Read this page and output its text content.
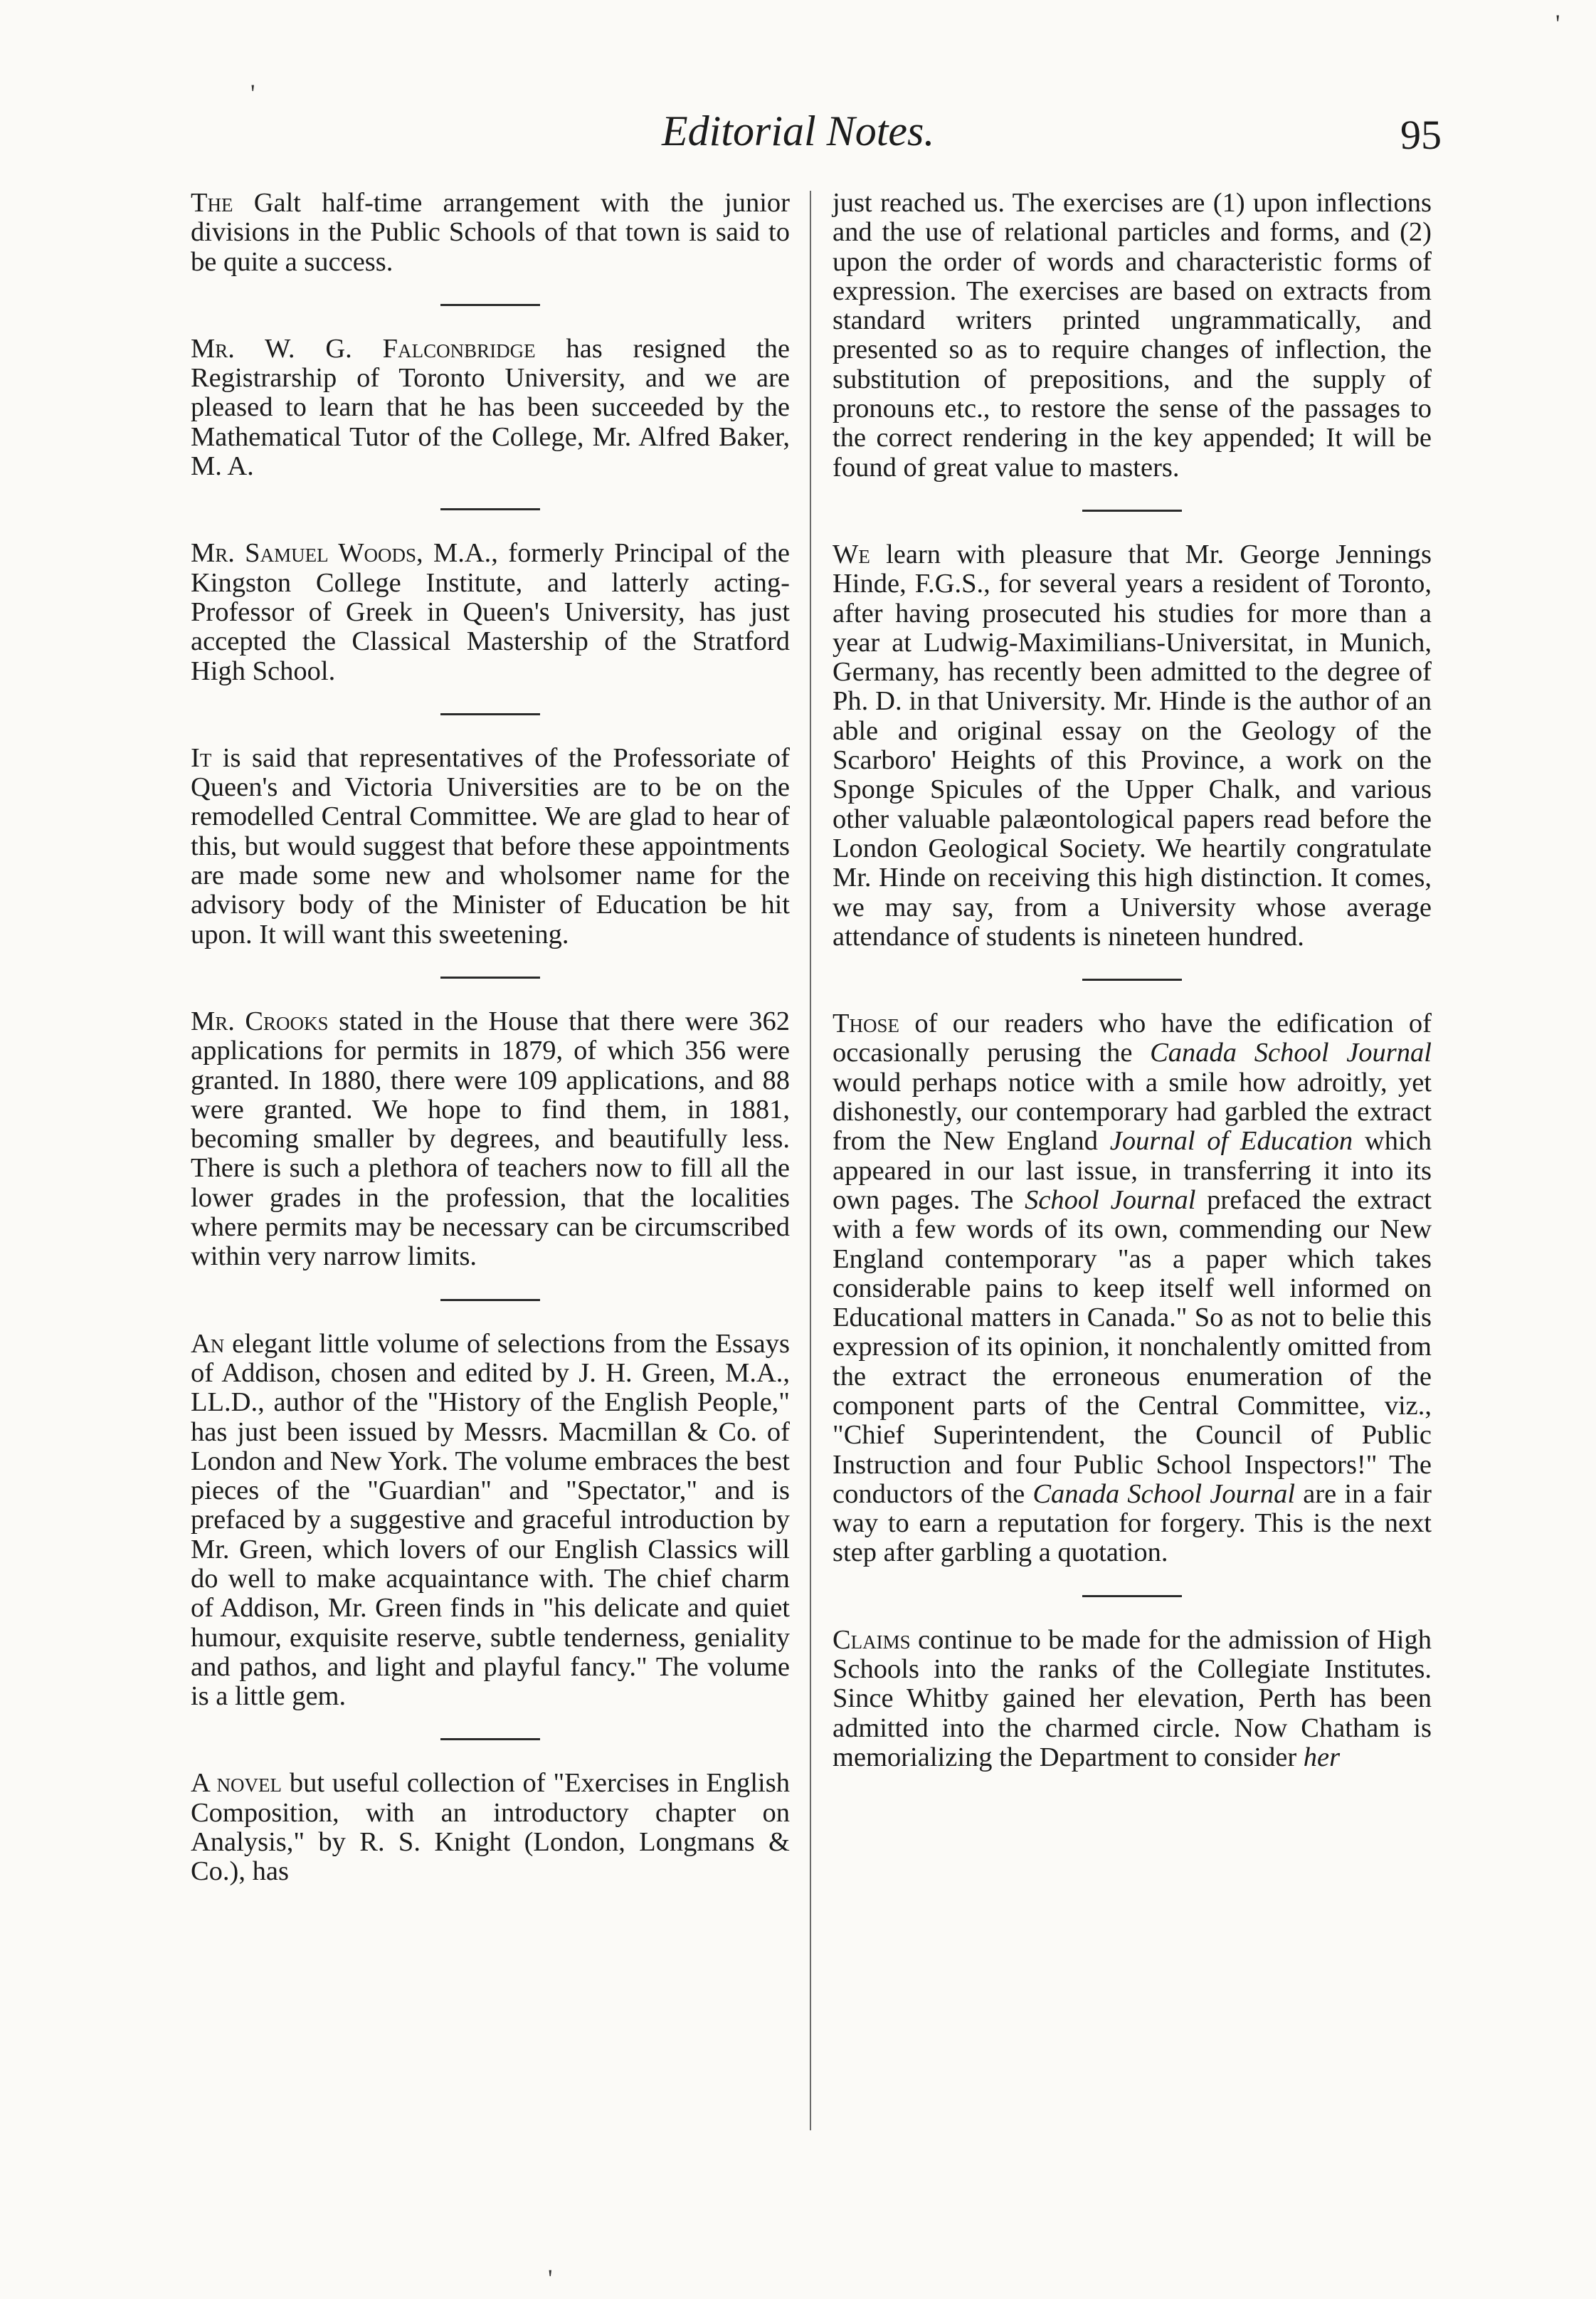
'
'
Editorial Notes.	95

The Galt half-time arrangement with the junior divisions in the Public Schools of that town is said to be quite a success.

Mr. W. G. Falconbridge has resigned the Registrarship of Toronto University, and we are pleased to learn that he has been succeeded by the Mathematical Tutor of the College, Mr. Alfred Baker, M. A.

Mr. Samuel Woods, M.A., formerly Principal of the Kingston College Institute, and latterly acting-Professor of Greek in Queen's University, has just accepted the Classical Mastership of the Stratford High School.

It is said that representatives of the Professoriate of Queen's and Victoria Universities are to be on the remodelled Central Committee. We are glad to hear of this, but would suggest that before these appointments are made some new and wholsomer name for the advisory body of the Minister of Education be hit upon. It will want this sweetening.

Mr. Crooks stated in the House that there were 362 applications for permits in 1879, of which 356 were granted. In 1880, there were 109 applications, and 88 were granted. We hope to find them, in 1881, becoming smaller by degrees, and beautifully less. There is such a plethora of teachers now to fill all the lower grades in the profession, that the localities where permits may be necessary can be circumscribed within very narrow limits.

An elegant little volume of selections from the Essays of Addison, chosen and edited by J. H. Green, M.A., LL.D., author of the "History of the English People," has just been issued by Messrs. Macmillan & Co. of London and New York. The volume embraces the best pieces of the "Guardian" and "Spectator," and is prefaced by a suggestive and graceful introduction by Mr. Green, which lovers of our English Classics will do well to make acquaintance with. The chief charm of Addison, Mr. Green finds in "his delicate and quiet humour, exquisite reserve, subtle tenderness, geniality and pathos, and light and playful fancy." The volume is a little gem.

A novel but useful collection of "Exercises in English Composition, with an introductory chapter on Analysis," by R. S. Knight (London, Longmans & Co.), has

just reached us. The exercises are (1) upon inflections and the use of relational particles and forms, and (2) upon the order of words and characteristic forms of expression. The exercises are based on extracts from standard writers printed ungrammatically, and presented so as to require changes of inflection, the substitution of prepositions, and the supply of pronouns etc., to restore the sense of the passages to the correct rendering in the key appended; It will be found of great value to masters.

We learn with pleasure that Mr. George Jennings Hinde, F.G.S., for several years a resident of Toronto, after having prosecuted his studies for more than a year at Ludwig-Maximilians-Universitat, in Munich, Germany, has recently been admitted to the degree of Ph. D. in that University. Mr. Hinde is the author of an able and original essay on the Geology of the Scarboro' Heights of this Province, a work on the Sponge Spicules of the Upper Chalk, and various other valuable palæontological papers read before the London Geological Society. We heartily congratulate Mr. Hinde on receiving this high distinction. It comes, we may say, from a University whose average attendance of students is nineteen hundred.

Those of our readers who have the edification of occasionally perusing the Canada School Journal would perhaps notice with a smile how adroitly, yet dishonestly, our contemporary had garbled the extract from the New England Journal of Education which appeared in our last issue, in transferring it into its own pages. The School Journal prefaced the extract with a few words of its own, commending our New England contemporary "as a paper which takes considerable pains to keep itself well informed on Educational matters in Canada." So as not to belie this expression of its opinion, it nonchalently omitted from the extract the erroneous enumeration of the component parts of the Central Committee, viz., "Chief Superintendent, the Council of Public Instruction and four Public School Inspectors!" The conductors of the Canada School Journal are in a fair way to earn a reputation for forgery. This is the next step after garbling a quotation.

Claims continue to be made for the admission of High Schools into the ranks of the Collegiate Institutes. Since Whitby gained her elevation, Perth has been admitted into the charmed circle. Now Chatham is memorializing the Department to consider her

'
